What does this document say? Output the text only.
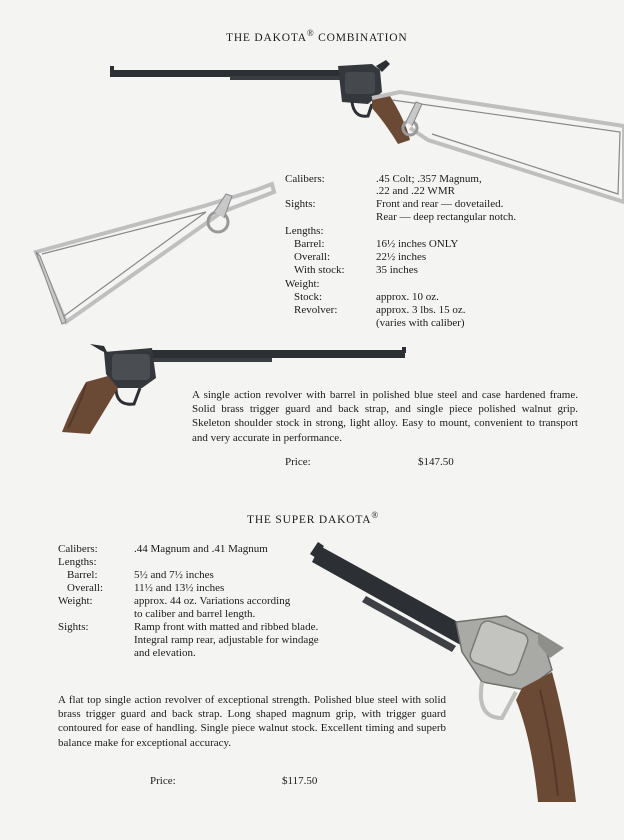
THE DAKOTA® COMBINATION
Calibers:	.45 Colt; .357 Magnum,
.22 and .22 WMR
Sights:	Front and rear — dovetailed.
Rear — deep rectangular notch.
Lengths:
Barrel:	16½ inches ONLY
Overall:	22½ inches
With stock:	35 inches
Weight:
Stock:	approx. 10 oz.
Revolver:	approx. 3 lbs. 15 oz.
(varies with caliber)
A single action revolver with barrel in polished blue steel and case hardened frame. Solid brass trigger guard and back strap, and single piece polished walnut grip. Skeleton shoulder stock in strong, light alloy. Easy to mount, convenient to transport and very accurate in performance.
Price:	$147.50
THE SUPER DAKOTA®
Calibers:	.44 Magnum and .41 Magnum
Lengths:
Barrel:	5½ and 7½ inches
Overall:	11½ and 13½ inches
Weight:	approx. 44 oz. Variations according
to caliber and barrel length.
Sights:	Ramp front with matted and ribbed blade.
Integral ramp rear, adjustable for windage
and elevation.
A flat top single action revolver of exceptional strength. Polished blue steel with solid brass trigger guard and back strap. Long shaped magnum grip, with trigger guard contoured for ease of handling. Single piece walnut stock. Excellent timing and superb balance make for exceptional accuracy.
Price:	$117.50
